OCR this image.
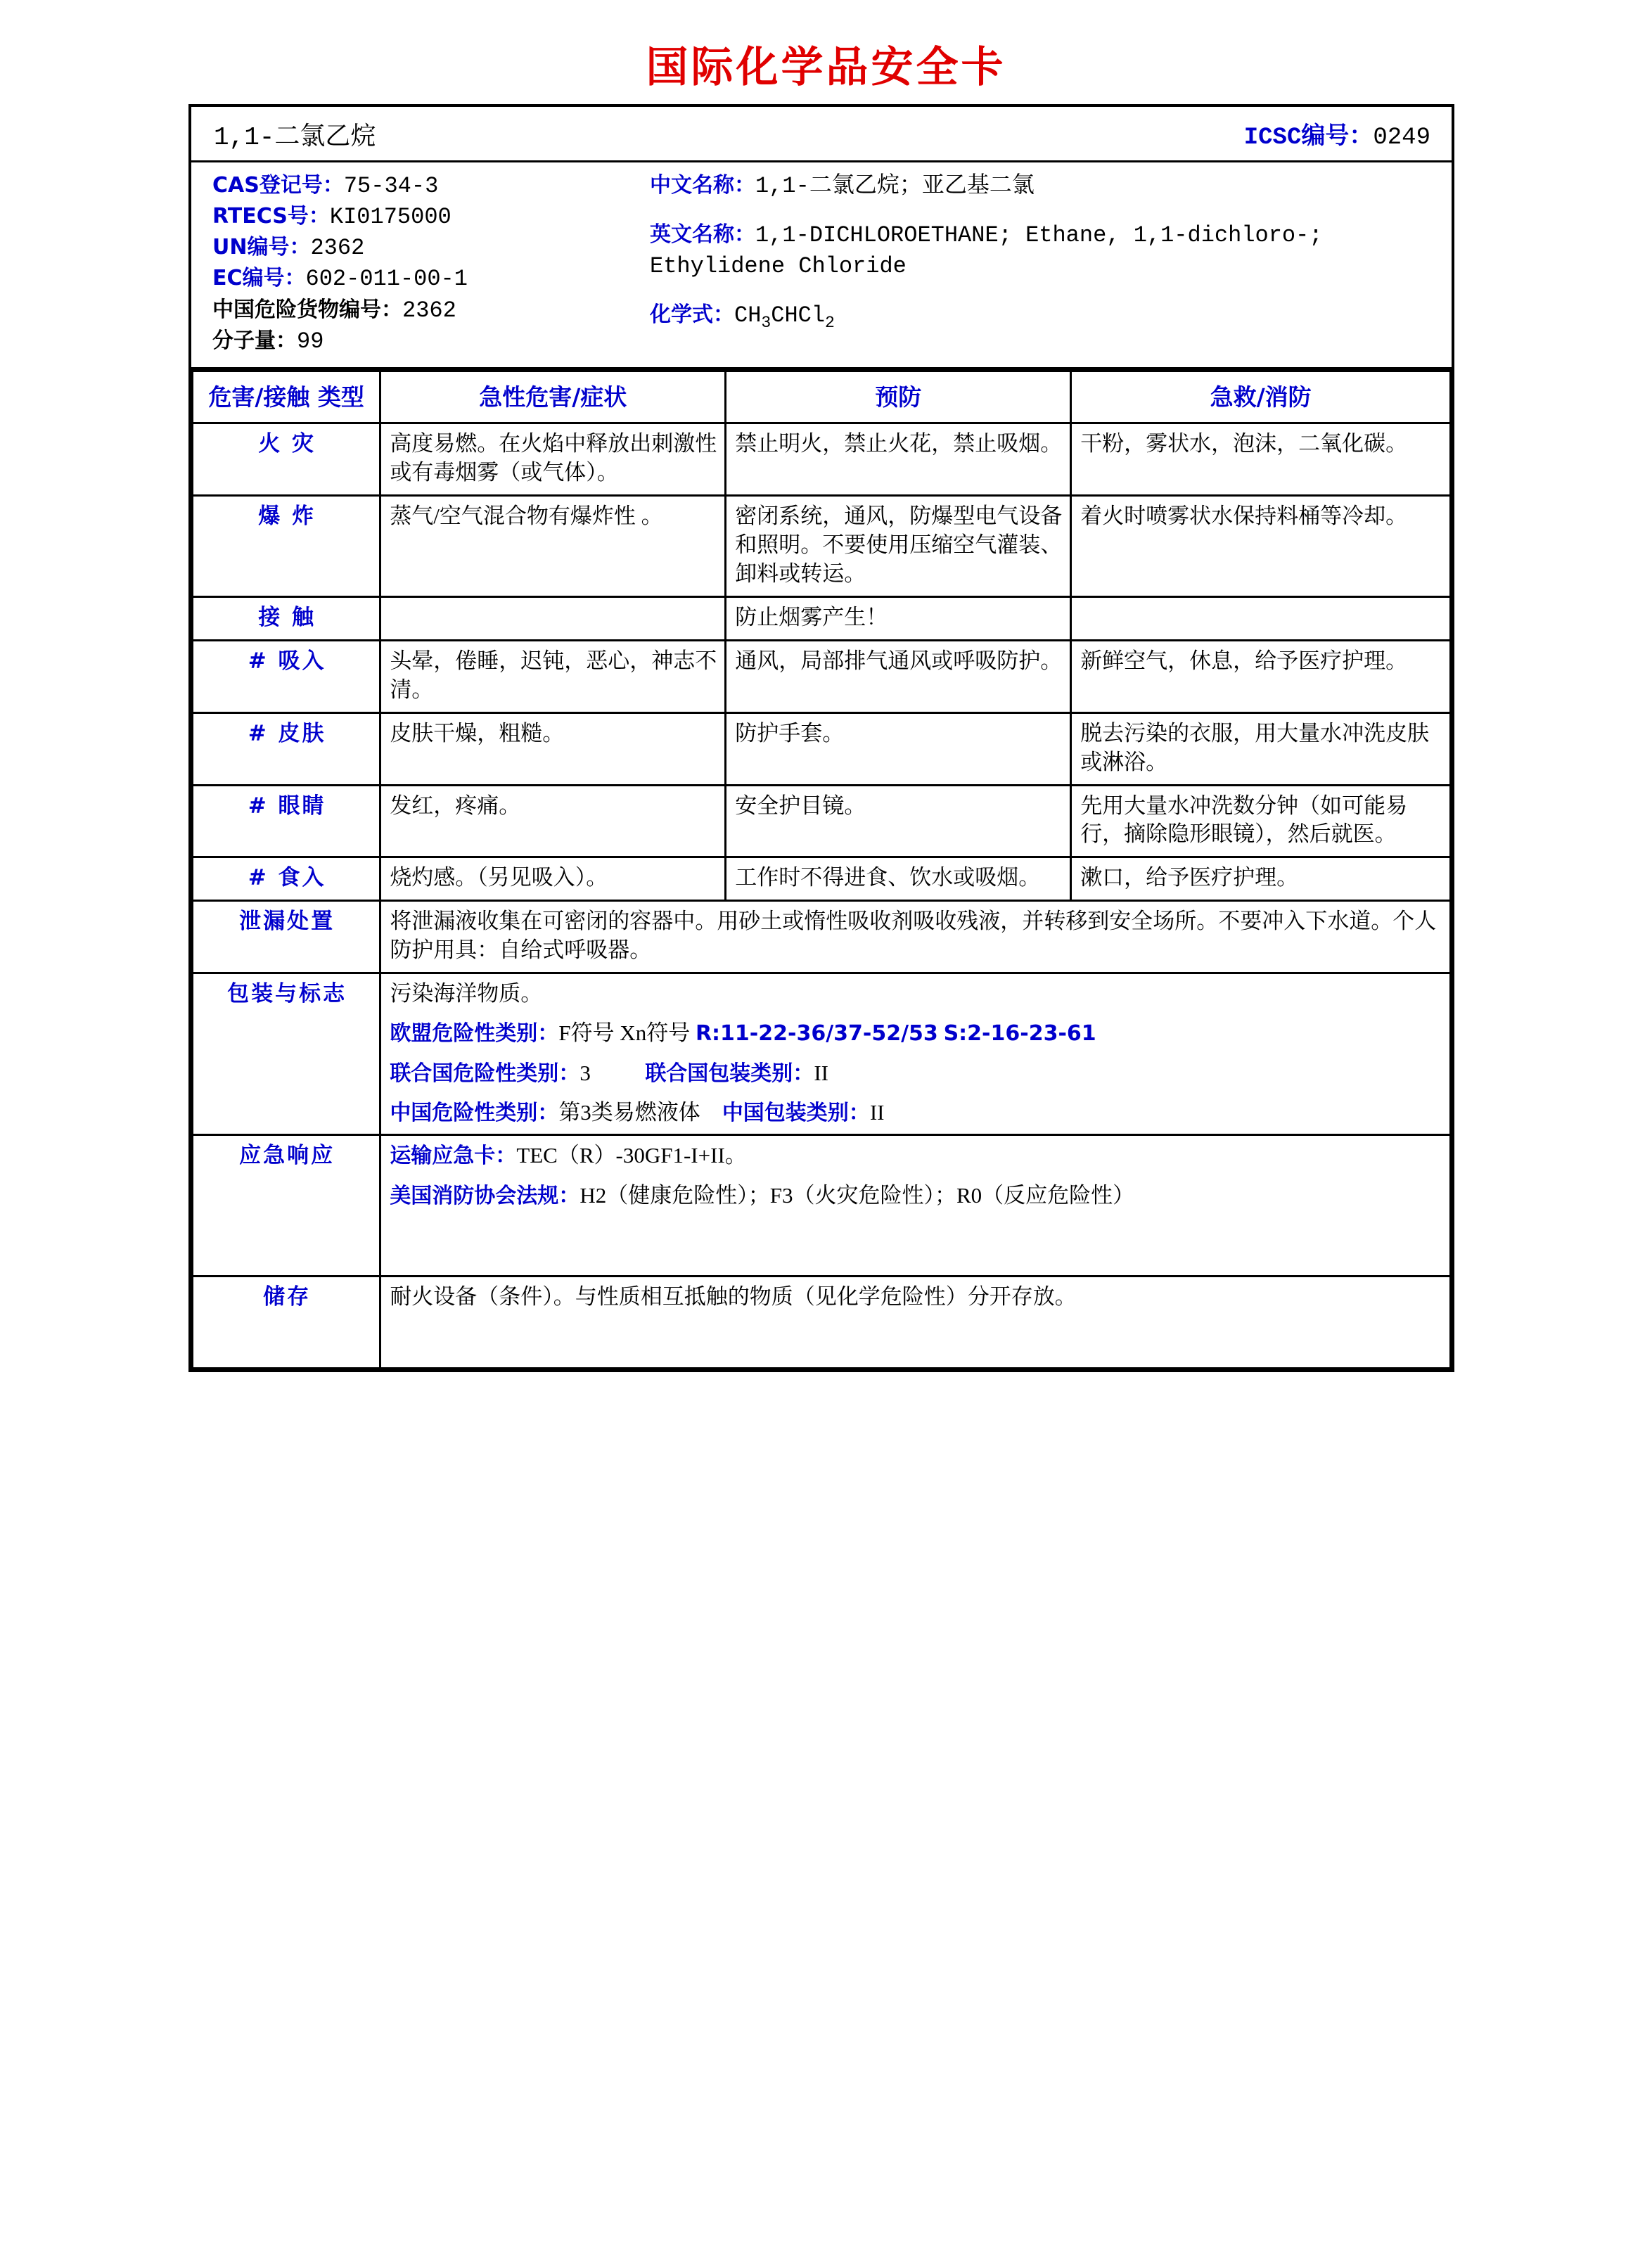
国际化学品安全卡
1,1-二氯乙烷	ICSC编号：0249
CAS登记号：75-34-3
RTECS号：KI0175000
UN编号：2362
EC编号：602-011-00-1
中国危险货物编号：2362
分子量：99
中文名称：1,1-二氯乙烷；亚乙基二氯
英文名称：1,1-DICHLOROETHANE; Ethane, 1,1-dichloro-; Ethylidene Chloride
化学式：$CH_3CHCl_2$
危害/接触 类型	急性危害/症状	预防	急救/消防
火 灾	高度易燃。在火焰中释放出刺激性或有毒烟雾（或气体）。	禁止明火，禁止火花，禁止吸烟。	干粉，雾状水，泡沫，二氧化碳。
爆 炸	蒸气/空气混合物有爆炸性 。	密闭系统，通风，防爆型电气设备和照明。不要使用压缩空气灌装、卸料或转运。	着火时喷雾状水保持料桶等冷却。
接 触		防止烟雾产生！	
# 吸入	头晕，倦睡，迟钝，恶心，神志不清。	通风，局部排气通风或呼吸防护。	新鲜空气，休息，给予医疗护理。
# 皮肤	皮肤干燥，粗糙。	防护手套。	脱去污染的衣服，用大量水冲洗皮肤或淋浴。
# 眼睛	发红，疼痛。	安全护目镜。	先用大量水冲洗数分钟（如可能易行，摘除隐形眼镜），然后就医。
# 食入	烧灼感。（另见吸入）。	工作时不得进食、饮水或吸烟。	漱口，给予医疗护理。
泄漏处置	将泄漏液收集在可密闭的容器中。用砂土或惰性吸收剂吸收残液，并转移到安全场所。不要冲入下水道。个人防护用具：自给式呼吸器。		
包装与标志	污染海洋物质。
欧盟危险性类别：F符号 Xn符号 R:11-22-36/37-52/53 S:2-16-23-61
联合国危险性类别：3 联合国包装类别：II
中国危险性类别：第3类易燃液体 中国包装类别：II		

应急响应	运输应急卡：TEC（R）-30GF1-I+II。
美国消防协会法规：H2（健康危险性）；F3（火灾危险性）；R0（反应危险性）		

储存	耐火设备（条件）。与性质相互抵触的物质（见化学危险性）分开存放。		
